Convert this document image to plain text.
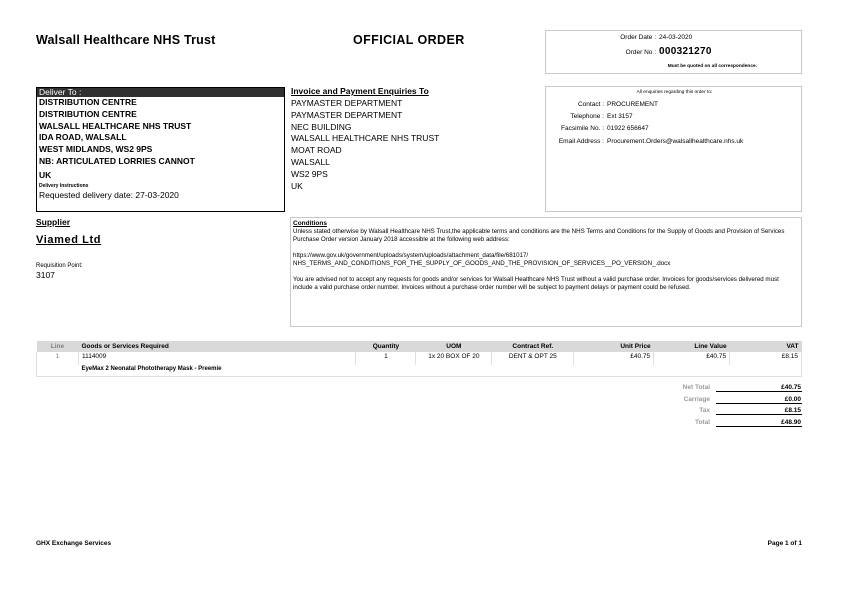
Walsall Healthcare NHS Trust	OFFICIAL ORDER	Order Date : 24-03-2020
Order No : 000321270
Must be quoted on all correspondence.
Deliver To :
DISTRIBUTION CENTRE
DISTRIBUTION CENTRE
WALSALL HEALTHCARE NHS TRUST
IDA ROAD, WALSALL
WEST MIDLANDS, WS2 9PS
NB: ARTICULATED LORRIES CANNOT
UK
Delivery Instructions
Requested delivery date: 27-03-2020
Invoice and Payment Enquiries To
PAYMASTER DEPARTMENT
PAYMASTER DEPARTMENT
NEC BUILDING
WALSALL HEALTHCARE NHS TRUST
MOAT ROAD
WALSALL
WS2 9PS
UK
All enquiries regarding this order to:
Contact : PROCUREMENT
Telephone : Ext 3157
Facsimile No. : 01922 656647
Email Address : Procurement.Orders@walsallhealthcare.nhs.uk
Supplier
Viamed Ltd
Requisition Point:
3107
Conditions
Unless stated otherwise by Walsall Healthcare NHS Trust,the applicable terms and conditions are the NHS Terms and Conditions for the Supply of Goods and Provision of Services Purchase Order version January 2018 accessible at the following web address:
https://www.gov.uk/government/uploads/system/uploads/attachment_data/file/681017/
NHS_TERMS_AND_CONDITIONS_FOR_THE_SUPPLY_OF_GOODS_AND_THE_PROVISION_OF_SERVICES__PO_VERSION_.docx
You are advised not to accept any requests for goods and/or services for Walsall Healthcare NHS Trust without a valid purchase order. Invoices for goods/services delivered must include a valid purchase order number. Invoices without a purchase order number will be subject to payment delays or payment could be refused.
Line	Goods or Services Required	Quantity	UOM	Contract Ref.	Unit Price	Line Value	VAT
1	1114009	1	1x 20 BOX OF 20	DENT & OPT 25	£40.75	£40.75	£8.15
	EyeMax 2 Neonatal Phototherapy Mask - Preemie						
Net Total	£40.75
Carriage	£0.00
Tax	£8.15
Total	£48.90
GHX Exchange Services	Page 1 of 1
